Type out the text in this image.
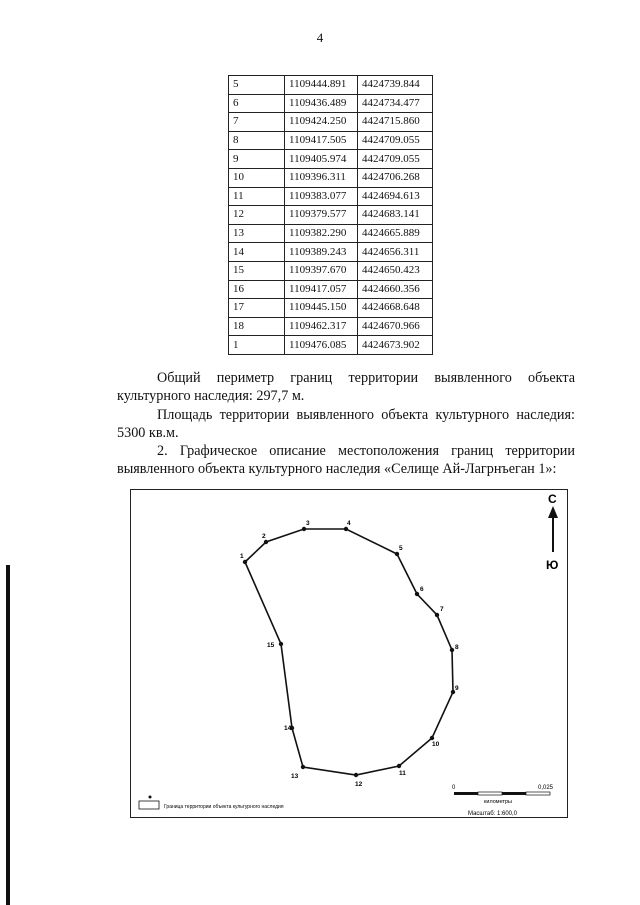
4
5	1109444.891	4424739.844
6	1109436.489	4424734.477
7	1109424.250	4424715.860
8	1109417.505	4424709.055
9	1109405.974	4424709.055
10	1109396.311	4424706.268
11	1109383.077	4424694.613
12	1109379.577	4424683.141
13	1109382.290	4424665.889
14	1109389.243	4424656.311
15	1109397.670	4424650.423
16	1109417.057	4424660.356
17	1109445.150	4424668.648
18	1109462.317	4424670.966
1	1109476.085	4424673.902
Общий периметр границ территории выявленного объекта культурного наследия: 297,7 м.
Площадь территории выявленного объекта культурного наследия: 5300 кв.м.
2. Графическое описание местоположения границ территории выявленного объекта культурного наследия «Селище Ай-Лагрнъеган 1»:
1
2
3	4
5
6
7
8
9
10
11
12
13
14
15
С
Ю
0	0,025
километры
Масштаб: 1:600,0
Граница территории объекта культурного наследия
